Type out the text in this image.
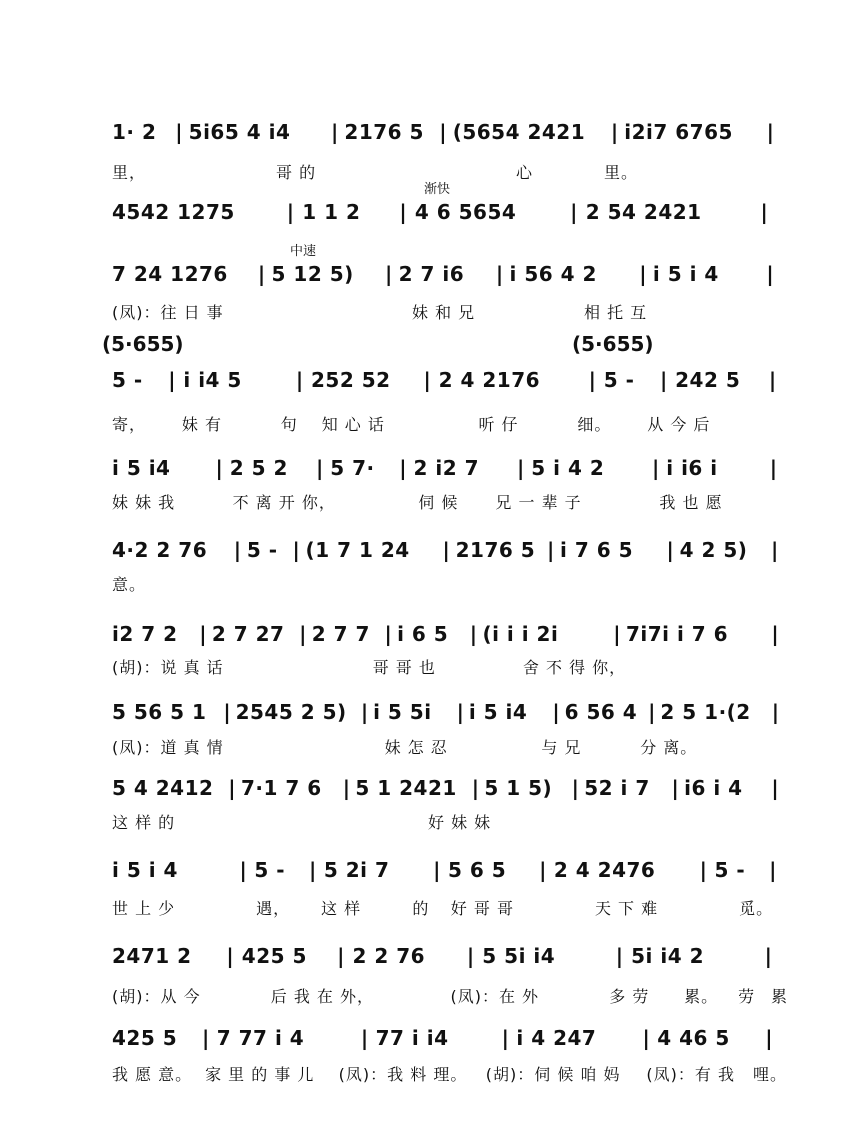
1· 2 | 5i65 4 i4 | 2176 5 | (5654 2421 | i2i7 6765 |
里，	哥 的	心	里。
4542 1275	| 1 1 2 | 4 6 5654	| 2 54 2421	|
渐快
7 24 1276 | 5 12 5) | 2 7 i6 | i 56 4 2 | i 5 i 4 |
中速
(凤)：往 日 事	妹 和 兄	相 托 互
5 - | i i4 5	| 252 52 | 2 4 2176 | 5 - | 242 5 |
(5·655)	(5·655)
寄， 妹 有	句 知 心 话	听 仔	细。 从 今 后
i 5 i4 | 2 5 2 | 5 7· | 2 i2 7 | 5 i 4 2 | i i6 i	|
妹 妹 我	不 离 开 你，	伺 候 兄 一 辈 子	我 也 愿
4·2 2 76 | 5 - | (1 7 1 24 | 2176 5 | i 7 6 5 | 4 2 5) |
意。
i2 7 2 | 2 7 27 | 2 7 7 | i 6 5 | (i i i 2i	| 7i7i i 7 6 |
(胡)：说 真 话	哥 哥 也	舍 不 得 你，
5 56 5 1 | 2545 2 5) | i 5 5i | i 5 i4 | 6 56 4 | 2 5 1·(2 |
(凤)：道 真 情	妹 怎 忍	与 兄	分 离。
5 4 2412 | 7·1 7 6 | 5 1 2421 | 5 1 5) | 52 i 7 | i6 i 4 |
这 样 的	好 妹 妹
i 5 i 4	| 5 - | 5 2i 7 | 5 6 5 | 2 4 2476 | 5 - |
世 上 少	遇， 这 样	的 好 哥 哥	天 下 难	觅。
2471 2 | 425 5 | 2 2 76 | 5 5i i4	| 5i i4 2	|
(胡)：从 今	后 我 在 外，	(凤)：在 外	多 劳 累。 劳 累
425 5 | 7 77 i 4	| 77 i i4	| i 4 247 | 4 46 5 |
我 愿 意。 家 里 的 事 儿 (凤)：我 料 理。 (胡)：伺 候 咱 妈 (凤)：有 我 哩。
